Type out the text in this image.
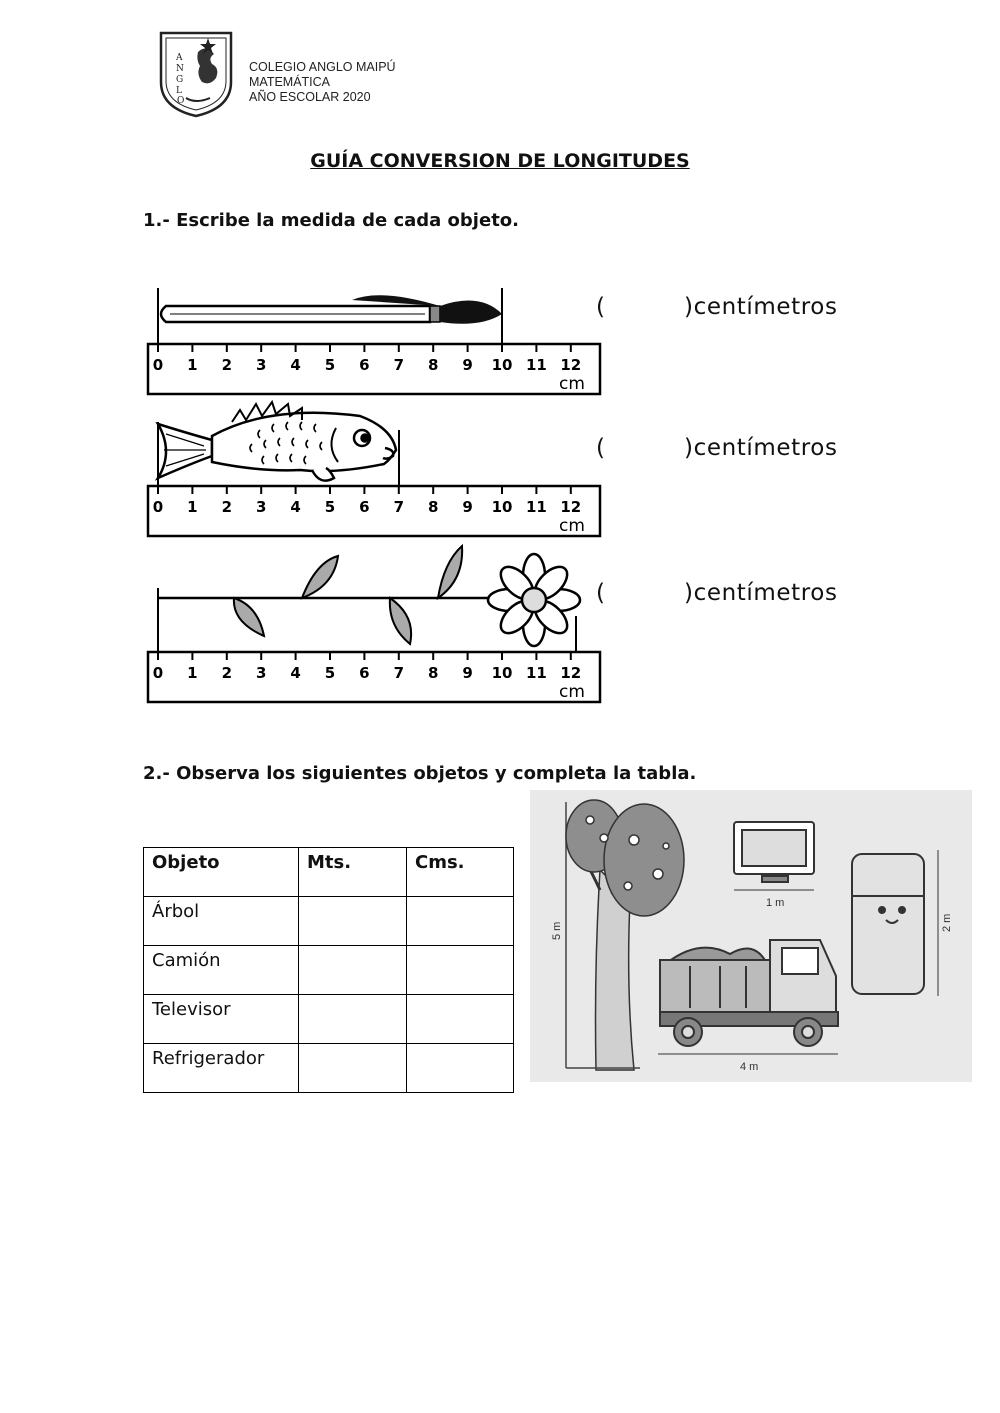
A
N
G
L
O
COLEGIO ANGLO MAIPÚ
MATEMÁTICA
AÑO ESCOLAR 2020
GUÍA CONVERSION DE LONGITUDES
1.- Escribe la medida de cada objeto.
(	)centímetros
(	)centímetros
(	)centímetros
0 1 2 3 4 5 6 7 8 9 10 11 12
cm
0 1 2 3 4 5 6 7 8 9 10 11 12
cm
0 1 2 3 4 5 6 7 8 9 10 11 12
cm
2.- Observa los siguientes objetos y completa la tabla.
Objeto	Mts.	Cms.
Árbol		
Camión		
Televisor		
Refrigerador		
5 m
1 m
2 m
4 m
